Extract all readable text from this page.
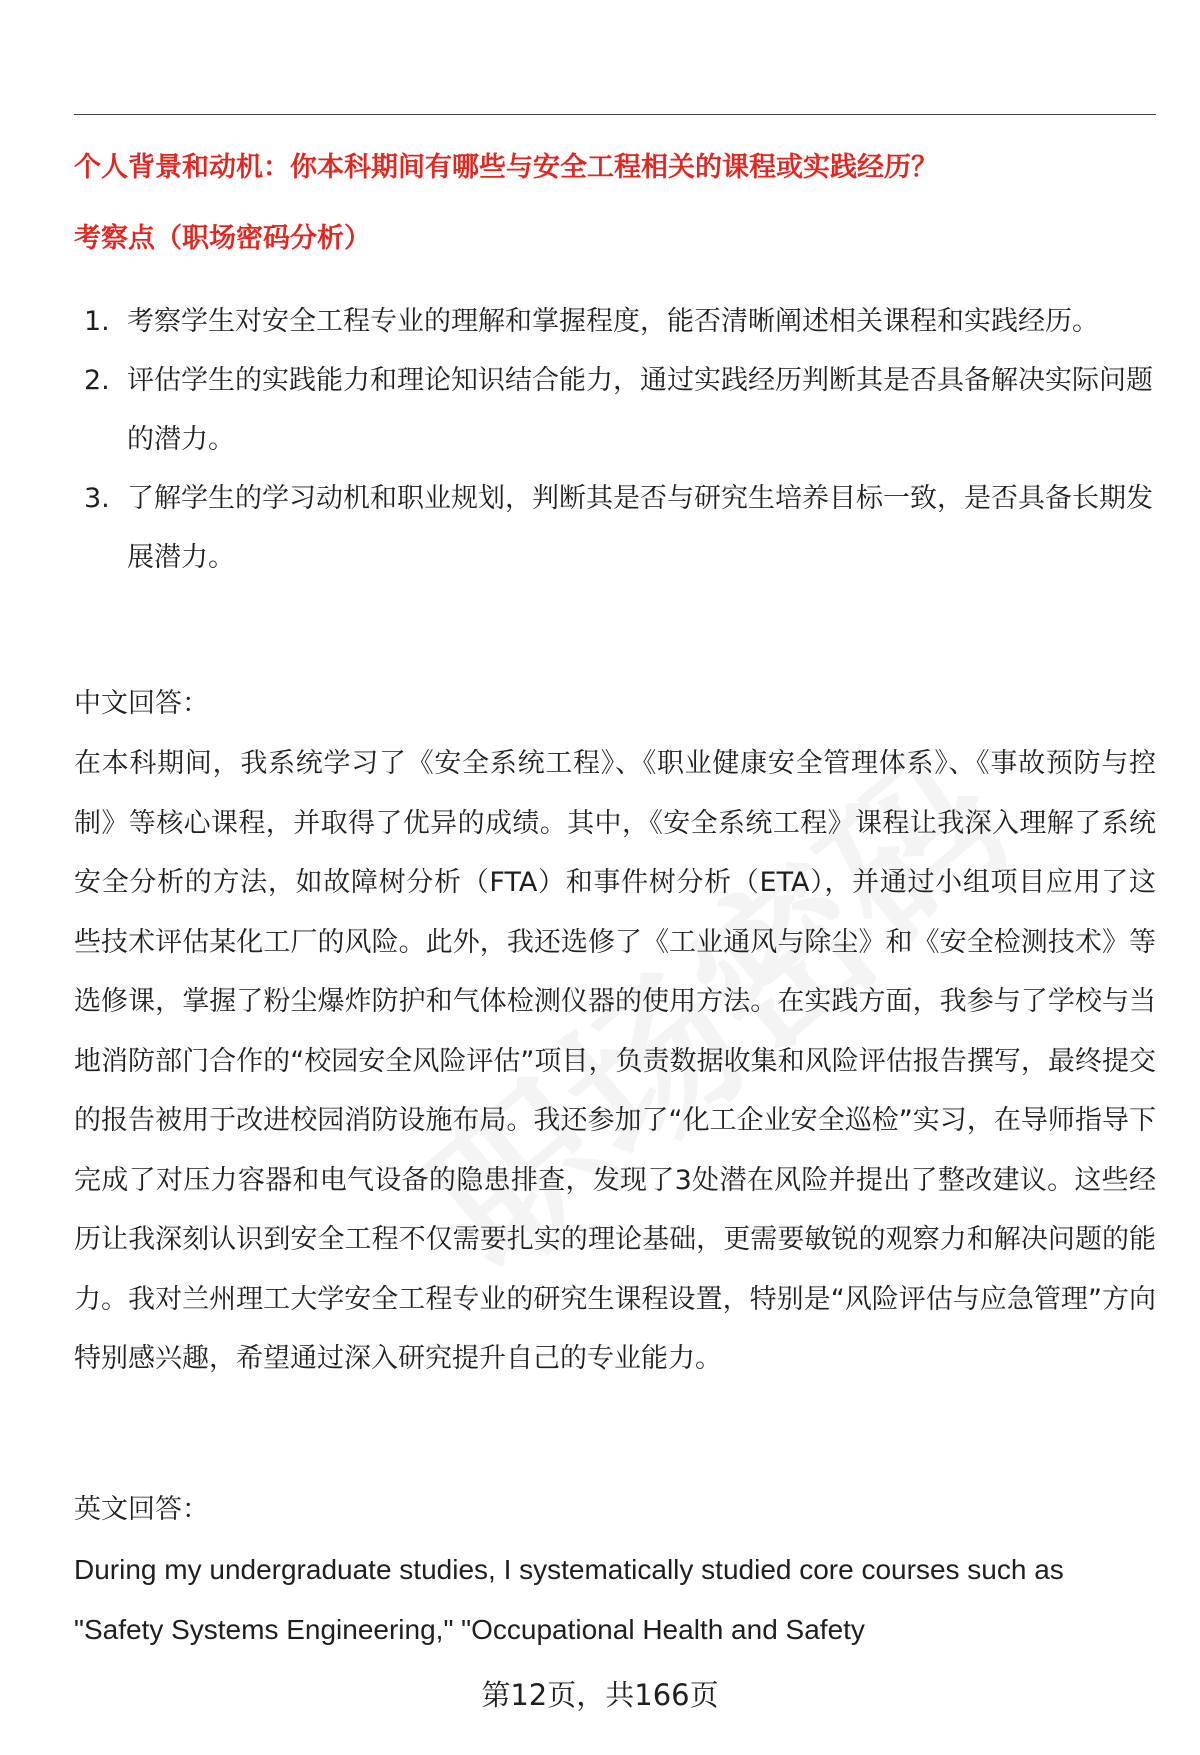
个人背景和动机：你本科期间有哪些与安全工程相关的课程或实践经历？
考察点（职场密码分析）
1. 考察学生对安全工程专业的理解和掌握程度，能否清晰阐述相关课程和实践经历。
2. 评估学生的实践能力和理论知识结合能力，通过实践经历判断其是否具备解决实际问题的潜力。
3. 了解学生的学习动机和职业规划，判断其是否与研究生培养目标一致，是否具备长期发展潜力。
中文回答：

在本科期间，我系统学习了《安全系统工程》、《职业健康安全管理体系》、《事故预防与控制》等核心课程，并取得了优异的成绩。其中，《安全系统工程》课程让我深入理解了系统安全分析的方法，如故障树分析（FTA）和事件树分析（ETA），并通过小组项目应用了这些技术评估某化工厂的风险。此外，我还选修了《工业通风与除尘》和《安全检测技术》等选修课，掌握了粉尘爆炸防护和气体检测仪器的使用方法。在实践方面，我参与了学校与当地消防部门合作的“校园安全风险评估”项目，负责数据收集和风险评估报告撰写，最终提交的报告被用于改进校园消防设施布局。我还参加了“化工企业安全巡检”实习，在导师指导下完成了对压力容器和电气设备的隐患排查，发现了3处潜在风险并提出了整改建议。这些经历让我深刻认识到安全工程不仅需要扎实的理论基础，更需要敏锐的观察力和解决问题的能力。我对兰州理工大学安全工程专业的研究生课程设置，特别是“风险评估与应急管理”方向特别感兴趣，希望通过深入研究提升自己的专业能力。

英文回答：

During my undergraduate studies, I systematically studied core courses such as "Safety Systems Engineering," "Occupational Health and Safety

第12页，共166页
